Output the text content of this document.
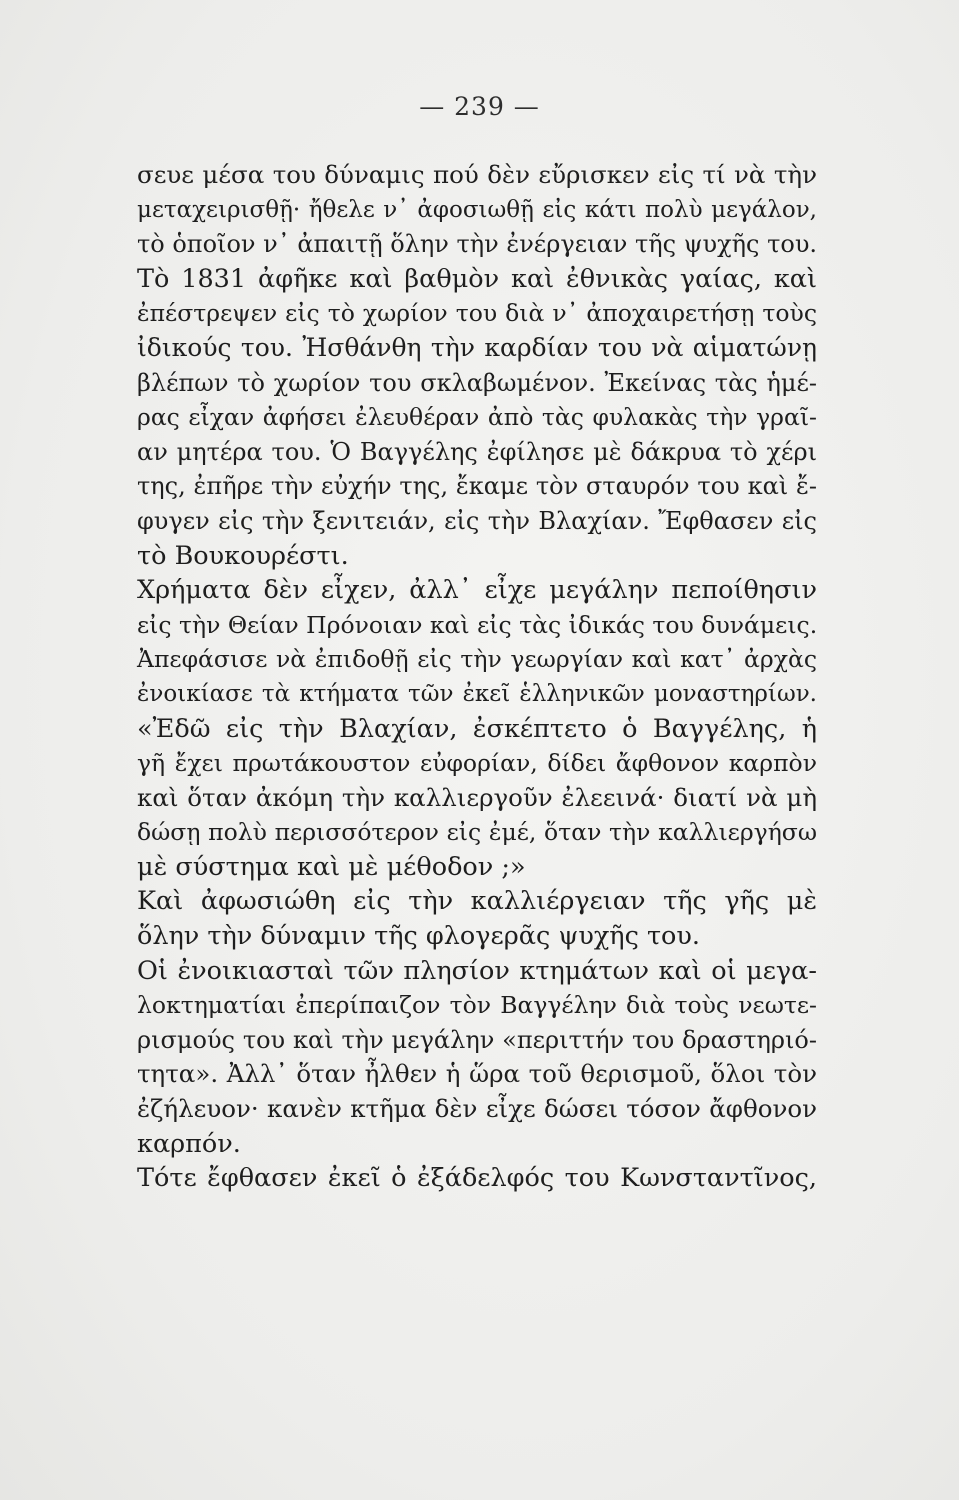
— 239 —
σευε μέσα του δύναμις πού δὲν εὔρισκεν εἰς τί νὰ τὴν
μεταχειρισθῇ· ἤθελε ν᾽ ἀφοσιωθῇ εἰς κάτι πολὺ μεγάλον,
τὸ ὁποῖον ν᾽ ἀπαιτῇ ὅλην τὴν ἐνέργειαν τῆς ψυχῆς του.
Τὸ 1831 ἀφῆκε καὶ βαθμὸν καὶ ἐθνικὰς γαίας, καὶ
ἐπέστρεψεν εἰς τὸ χωρίον του διὰ ν᾽ ἀποχαιρετήσῃ τοὺς
ἰδικούς του. Ἠσθάνθη τὴν καρδίαν του νὰ αἱματώνῃ
βλέπων τὸ χωρίον του σκλαβωμένον. Ἐκείνας τὰς ἡμέ-
ρας εἶχαν ἀφήσει ἐλευθέραν ἀπὸ τὰς φυλακὰς τὴν γραῖ-
αν μητέρα του. Ὁ Βαγγέλης ἐφίλησε μὲ δάκρυα τὸ χέρι
της, ἐπῆρε τὴν εὐχήν της, ἔκαμε τὸν σταυρόν του καὶ ἔ-
φυγεν εἰς τὴν ξενιτειάν, εἰς τὴν Βλαχίαν. Ἔφθασεν εἰς
τὸ Βουκουρέστι.
Χρήματα δὲν εἶχεν, ἀλλ᾽ εἶχε μεγάλην πεποίθησιν
εἰς τὴν Θείαν Πρόνοιαν καὶ εἰς τὰς ἰδικάς του δυνάμεις.
Ἀπεφάσισε νὰ ἐπιδοθῇ εἰς τὴν γεωργίαν καὶ κατ᾽ ἀρχὰς
ἐνοικίασε τὰ κτήματα τῶν ἐκεῖ ἑλληνικῶν μοναστηρίων.
«Ἐδῶ εἰς τὴν Βλαχίαν, ἐσκέπτετο ὁ Βαγγέλης, ἡ
γῆ ἔχει πρωτάκουστον εὐφορίαν, δίδει ἄφθονον καρπὸν
καὶ ὅταν ἀκόμη τὴν καλλιεργοῦν ἐλεεινά· διατί νὰ μὴ
δώσῃ πολὺ περισσότερον εἰς ἐμέ, ὅταν τὴν καλλιεργήσω
μὲ σύστημα καὶ μὲ μέθοδον ;»
Καὶ ἀφωσιώθη εἰς τὴν καλλιέργειαν τῆς γῆς μὲ
ὅλην τὴν δύναμιν τῆς φλογερᾶς ψυχῆς του.
Οἱ ἐνοικιασταὶ τῶν πλησίον κτημάτων καὶ οἱ μεγα-
λοκτηματίαι ἐπερίπαιζον τὸν Βαγγέλην διὰ τοὺς νεωτε-
ρισμούς του καὶ τὴν μεγάλην «περιττήν του δραστηριό-
τητα». Ἀλλ᾽ ὅταν ἦλθεν ἡ ὥρα τοῦ θερισμοῦ, ὅλοι τὸν
ἐζήλευον· κανὲν κτῆμα δὲν εἶχε δώσει τόσον ἄφθονον
καρπόν.
Τότε ἔφθασεν ἐκεῖ ὁ ἐξάδελφός του Κωνσταντῖνος,
